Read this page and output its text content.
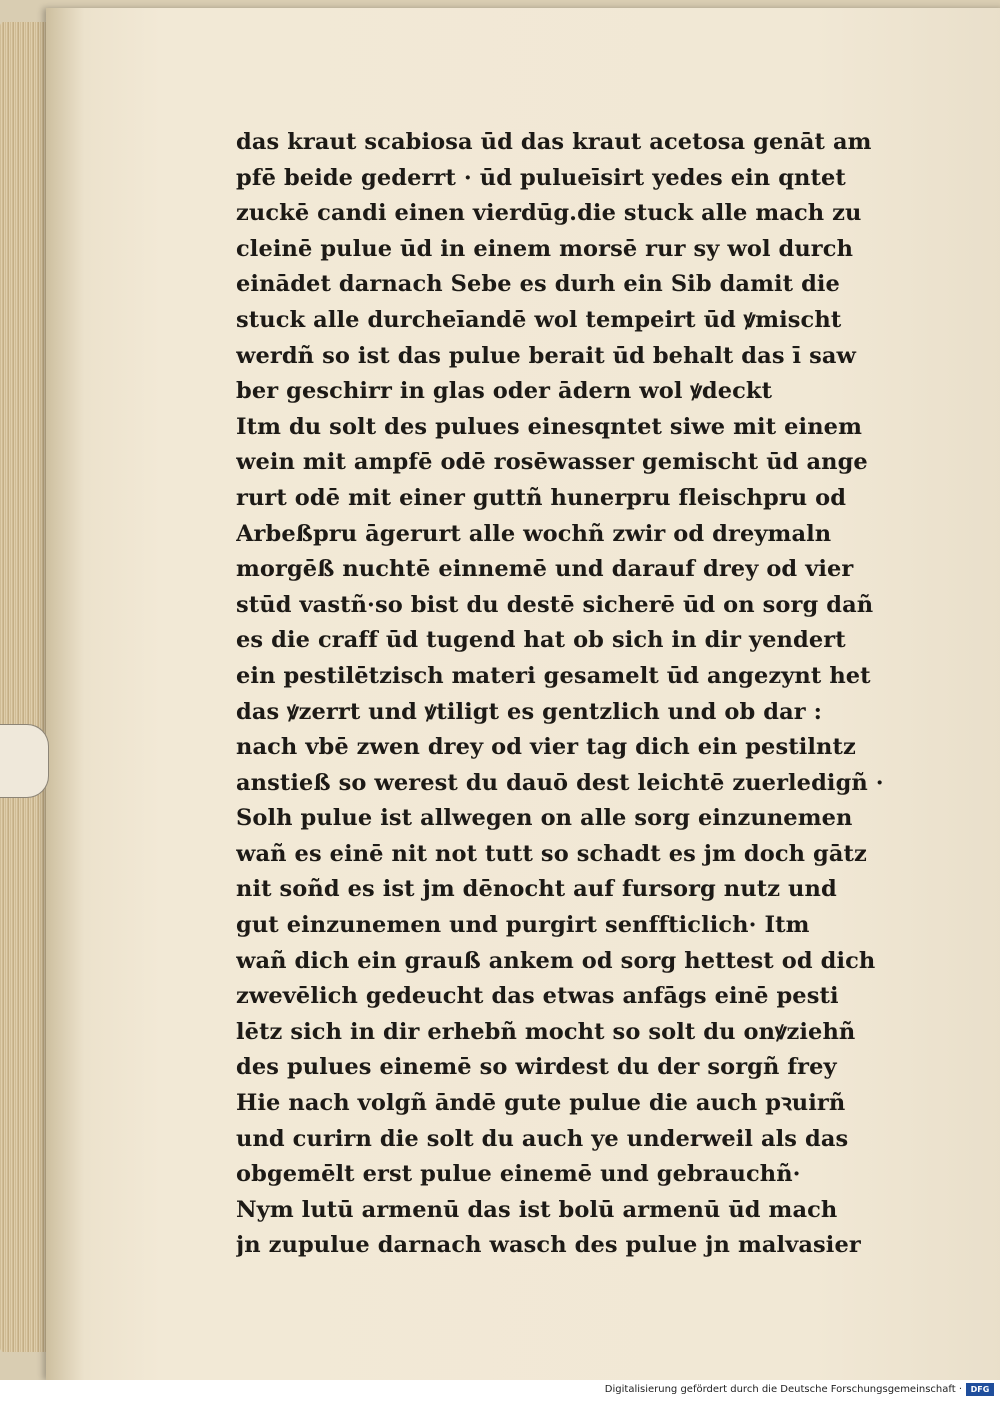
das kraut scabiosa ūd das kraut acetosa genāt am

pfē beide gederrt · ūd pulueīsirt yedes ein qntet

zuckē candi einen vierdūg.die stuck alle mach zu

cleinē pulue ūd in einem morsē rur sy wol durch

einādet darnach Sebe es durh ein Sib damit die

stuck alle durcheīandē wol tempeirt ūd ꝟmischt

werdñ so ist das pulue berait ūd behalt das ī saw

ber geschirr in glas oder ādern wol ꝟdeckt

Itm du solt des pulues einesqntet siwe mit einem

wein mit ampfē odē rosēwasser gemischt ūd ange

rurt odē mit einer guttñ hunerpru fleischpru od

Arbeßpru āgerurt alle wochñ zwir od dreymaln

morgēß nuchtē einnemē und darauf drey od vier

stūd vastñ·so bist du destē sicherē ūd on sorg dañ

es die craff ūd tugend hat ob sich in dir yendert

ein pestilētzisch materi gesamelt ūd angezynt het

das ꝟzerrt und ꝟtiligt es gentzlich und ob dar :

nach vbē zwen drey od vier tag dich ein pestilntz

anstieß so werest du dauō dest leichtē zuerledigñ ·

Solh pulue ist allwegen on alle sorg einzunemen

wañ es einē nit not tutt so schadt es jm doch gātz

nit soñd es ist jm dēnocht auf fursorg nutz und

gut einzunemen und purgirt senffticlich· Itm

wañ dich ein grauß ankem od sorg hettest od dich

zwevēlich gedeucht das etwas anfāgs einē pesti

lētz sich in dir erhebñ mocht so solt du onꝟziehñ

des pulues einemē so wirdest du der sorgñ frey

Hie nach volgñ āndē gute pulue die auch pꝛuirñ

und curirn die solt du auch ye underweil als das

obgemēlt erst pulue einemē und gebrauchñ·

Nym lutū armenū das ist bolū armenū ūd mach

jn zupulue darnach wasch des pulue jn malvasier

Digitalisierung gefördert durch die Deutsche Forschungsgemeinschaft ·	DFG
